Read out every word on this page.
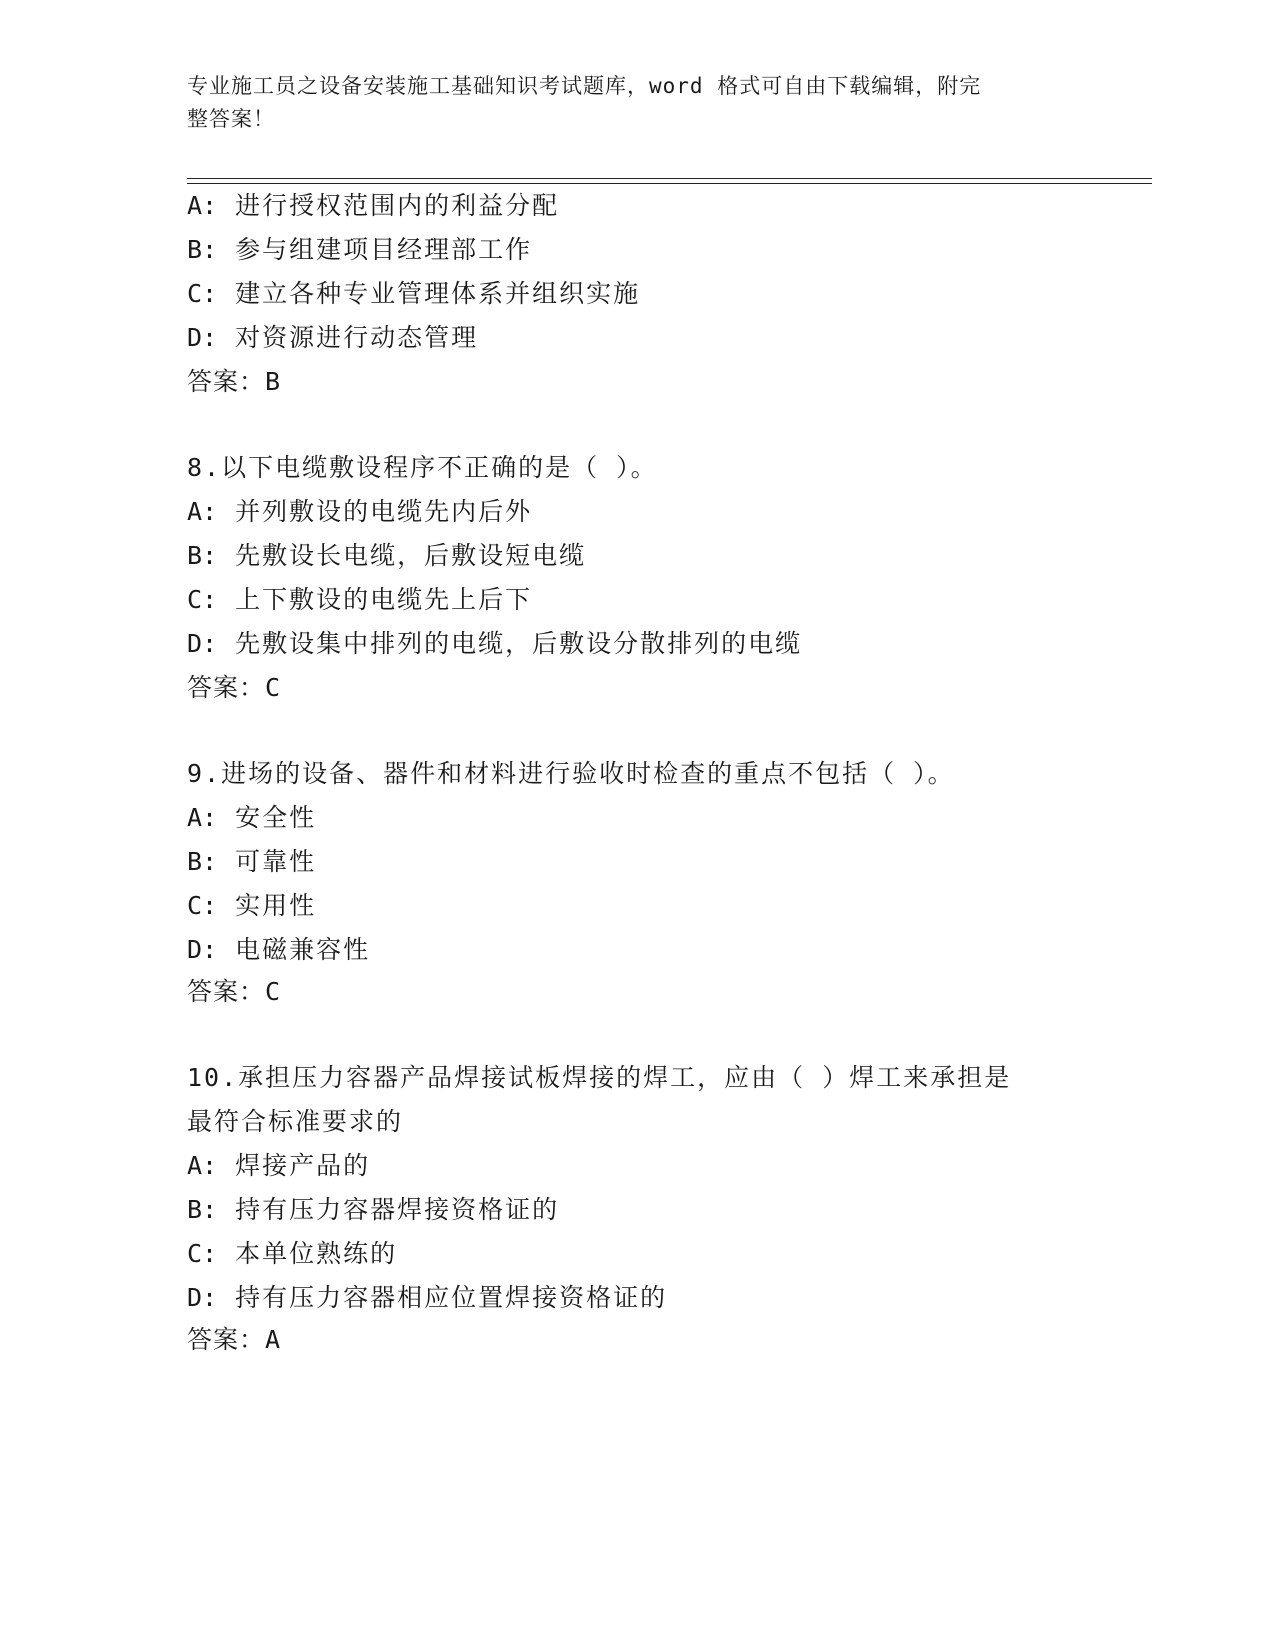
专业施工员之设备安装施工基础知识考试题库，word 格式可自由下载编辑，附完
整答案！
A: 进行授权范围内的利益分配
B: 参与组建项目经理部工作
C: 建立各种专业管理体系并组织实施
D: 对资源进行动态管理
答案：B
8.以下电缆敷设程序不正确的是（ ）。
A: 并列敷设的电缆先内后外
B: 先敷设长电缆，后敷设短电缆
C: 上下敷设的电缆先上后下
D: 先敷设集中排列的电缆，后敷设分散排列的电缆
答案：C
9.进场的设备、器件和材料进行验收时检查的重点不包括（ ）。
A: 安全性
B: 可靠性
C: 实用性
D: 电磁兼容性
答案：C
10.承担压力容器产品焊接试板焊接的焊工，应由（ ）焊工来承担是
最符合标准要求的
A: 焊接产品的
B: 持有压力容器焊接资格证的
C: 本单位熟练的
D: 持有压力容器相应位置焊接资格证的
答案：A
